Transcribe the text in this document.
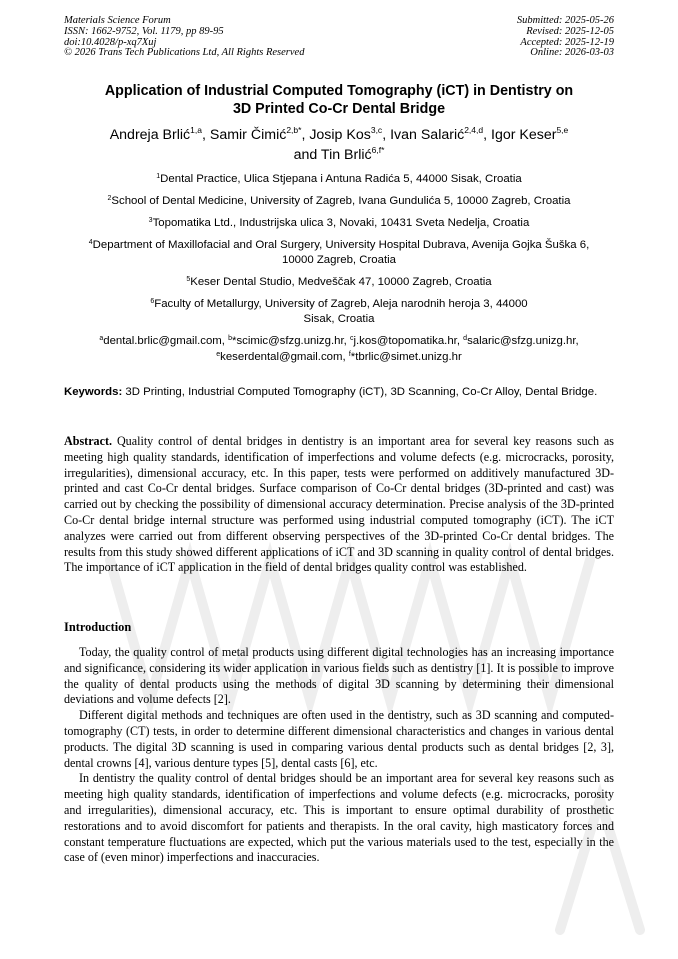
Materials Science Forum
ISSN: 1662-9752, Vol. 1179, pp 89-95
doi:10.4028/p-xq7Xuj
© 2026 Trans Tech Publications Ltd, All Rights Reserved
Submitted: 2025-05-26
Revised: 2025-12-05
Accepted: 2025-12-19
Online: 2026-03-03
Application of Industrial Computed Tomography (iCT) in Dentistry on
3D Printed Co-Cr Dental Bridge
Andreja Brlić$^{1,a}$, Samir Čimić$^{2,b*}$, Josip Kos$^{3,c}$, Ivan Salarić$^{2,4,d}$, Igor Keser$^{5,e}$
and Tin Brlić$^{6,f*}$

$^1$Dental Practice, Ulica Stjepana i Antuna Radića 5, 44000 Sisak, Croatia

$^2$School of Dental Medicine, University of Zagreb, Ivana Gundulića 5, 10000 Zagreb, Croatia

$^3$Topomatika Ltd., Industrijska ulica 3, Novaki, 10431 Sveta Nedelja, Croatia

$^4$Department of Maxillofacial and Oral Surgery, University Hospital Dubrava, Avenija Gojka Šuška 6, 10000 Zagreb, Croatia

$^5$Keser Dental Studio, Medveščak 47, 10000 Zagreb, Croatia

$^6$Faculty of Metallurgy, University of Zagreb, Aleja narodnih heroja 3, 44000 Sisak, Croatia

$^a$dental.brlic@gmail.com, $^b$*scimic@sfzg.unizg.hr, $^c$j.kos@topomatika.hr, $^d$salaric@sfzg.unizg.hr,
$^e$keserdental@gmail.com, $^f$*tbrlic@simet.unizg.hr

Keywords: 3D Printing, Industrial Computed Tomography (iCT), 3D Scanning, Co-Cr Alloy, Dental Bridge.

Abstract. Quality control of dental bridges in dentistry is an important area for several key reasons such as meeting high quality standards, identification of imperfections and volume defects (e.g. microcracks, porosity, irregularities), dimensional accuracy, etc. In this paper, tests were performed on additively manufactured 3D-printed and cast Co-Cr dental bridges. Surface comparison of Co-Cr dental bridges (3D-printed and cast) was carried out by checking the possibility of dimensional accuracy determination. Precise analysis of the 3D-printed Co-Cr dental bridge internal structure was performed using industrial computed tomography (iCT). The iCT analyzes were carried out from different observing perspectives of the 3D-printed Co-Cr dental bridges. The results from this study showed different applications of iCT and 3D scanning in quality control of dental bridges. The importance of iCT application in the field of dental bridges quality control was established.

Introduction

Today, the quality control of metal products using different digital technologies has an increasing importance and significance, considering its wider application in various fields such as dentistry [1]. It is possible to improve the quality of dental products using the methods of digital 3D scanning by determining their dimensional deviations and volume defects [2].

Different digital methods and techniques are often used in the dentistry, such as 3D scanning and computed-tomography (CT) tests, in order to determine different dimensional characteristics and changes in various dental products. The digital 3D scanning is used in comparing various dental products such as dental bridges [2, 3], dental crowns [4], various denture types [5], dental casts [6], etc.

In dentistry the quality control of dental bridges should be an important area for several key reasons such as meeting high quality standards, identification of imperfections and volume defects (e.g. microcracks, porosity and irregularities), dimensional accuracy, etc. This is important to ensure optimal durability of prosthetic restorations and to avoid discomfort for patients and therapists. In the oral cavity, high masticatory forces and constant temperature fluctuations are expected, which put the various materials used to the test, especially in the case of (even minor) imperfections and inaccuracies.
